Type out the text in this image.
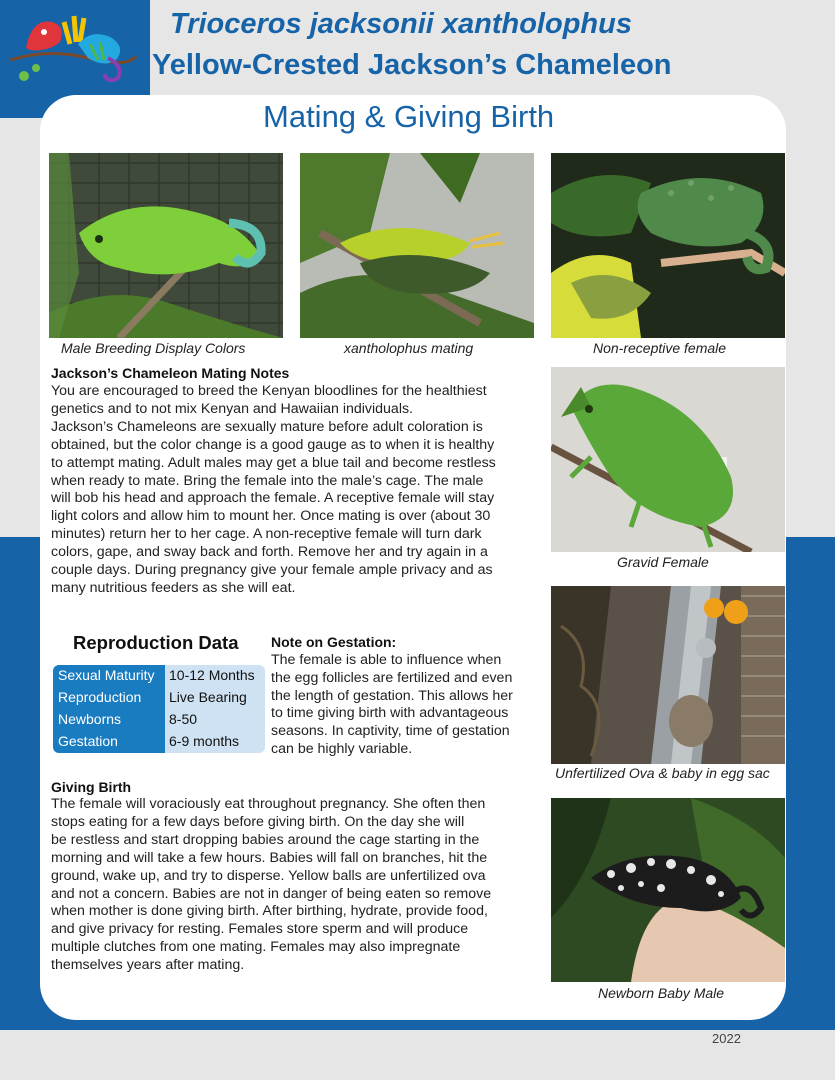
Trioceros jacksonii xantholophus
Yellow-Crested Jackson’s Chameleon
Mating & Giving Birth
Male Breeding Display Colors	xantholophus mating	Non-receptive female
Gravid Female
Unfertilized Ova & baby in egg sac
Newborn Baby Male
Jackson’s Chameleon Mating Notes
You are encouraged to breed the Kenyan bloodlines for the healthiest
genetics and to not mix Kenyan and Hawaiian individuals.
Jackson’s Chameleons are sexually mature before adult coloration is
obtained, but the color change is a good gauge as to when it is healthy
to attempt mating. Adult males may get a blue tail and become restless
when ready to mate. Bring the female into the male’s cage. The male
will bob his head and approach the female. A receptive female will stay
light colors and allow him to mount her. Once mating is over (about 30
minutes) return her to her cage. A non-receptive female will turn dark
colors, gape, and sway back and forth. Remove her and try again in a
couple days. During pregnancy give your female ample privacy and as
many nutritious feeders as she will eat.
Reproduction Data
Sexual Maturity 10-12 Months
Reproduction Live Bearing
Newborns	8-50
Gestation	6-9 months
Note on Gestation:
The female is able to influence when
the egg follicles are fertilized and even
the length of gestation. This allows her
to time giving birth with advantageous
seasons. In captivity, time of gestation
can be highly variable.
Giving Birth
The female will voraciously eat throughout pregnancy. She often then
stops eating for a few days before giving birth. On the day she will
be restless and start dropping babies around the cage starting in the
morning and will take a few hours. Babies will fall on branches, hit the
ground, wake up, and try to disperse. Yellow balls are unfertilized ova
and not a concern. Babies are not in danger of being eaten so remove
when mother is done giving birth. After birthing, hydrate, provide food,
and give privacy for resting. Females store sperm and will produce
multiple clutches from one mating. Females may also impregnate
themselves years after mating.
2022
